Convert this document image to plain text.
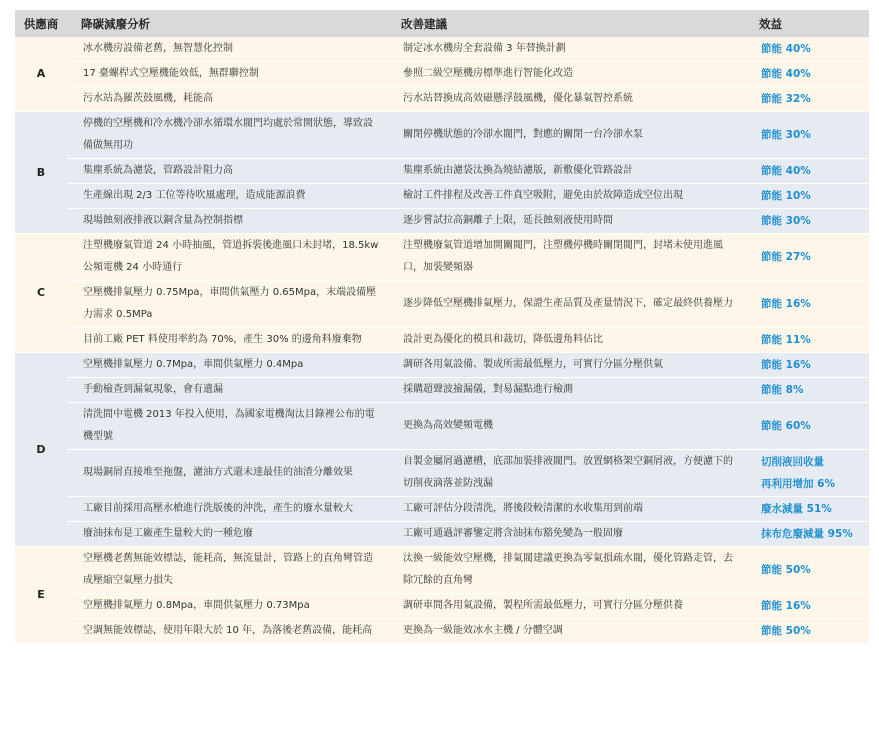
供應商	降碳減廢分析	改善建議	效益
A	冰水機房設備老舊，無智慧化控制	制定冰水機房全套設備 3 年替換計劃	節能 40%

	17 臺螺桿式空壓機能效低，無群聯控制	參照二級空壓機房標準進行智能化改造	節能 40%

	污水站為羅茨鼓風機，耗能高	污水站替換成高效磁懸浮鼓風機，優化暴氣智控系統	節能 32%

B	停機的空壓機和冷水機冷卻水循環水閥門均處於常開狀態，導致設備做無用功	關閉停機狀態的冷卻水閥門，對應的關閉一台冷卻水泵	節能 30%

	集塵系統為濾袋，管路設計阻力高	集塵系統由濾袋汰換為燒結濾版，新敷優化管路設計	節能 40%

	生產線出現 2/3 工位等待吹風處理，造成能源浪費	檢討工件排程及改善工件真空吸附，避免由於故障造成空位出現	節能 10%

	現場蝕刻液排液以銅含量為控制指標	逐步嘗試拉高銅離子上限，延長蝕刻液使用時間	節能 30%

C	注塑機廢氣管道 24 小時抽風，管道拆裝後進風口未封堵，18.5kw 公頻電機 24 小時通行	注塑機廢氣管道增加開關閥門，注塑機停機時關閉閥門，封堵未使用進風口，加裝變頻器	節能 27%

	空壓機排氣壓力 0.75Mpa，車間供氣壓力 0.65Mpa，末端設備壓力需求 0.5MPa	逐步降低空壓機排氣壓力，保證生產品質及產量情況下，確定最終供養壓力	節能 16%

	目前工廠 PET 料使用率約為 70%，產生 30% 的邊角料廢棄物	設計更為優化的模具和裁切，降低邊角料佔比	節能 11%

D	空壓機排氣壓力 0.7Mpa，車間供氣壓力 0.4Mpa	調研各用氣設備、製成所需最低壓力，可實行分區分壓供氣	節能 16%

	手動檢查到漏氣現象，會有遺漏	採購超聲波撿漏儀，對易漏點進行檢測	節能 8%

	清洗間中電機 2013 年投入使用，為國家電機淘汰目錄裡公布的電機型號	更換為高效變頻電機	節能 60%

	現場銅屑直接堆至拖盤，濾油方式還未達最佳的油渣分離效果	自製金屬屑過濾槽，底部加裝排液閥門。放置網格架空銅屑液，方便濾下的切削夜滴落並防洩漏	切削液回收量
再利用增加 6%

	工廠目前採用高壓水槍進行洗版後的沖洗，產生的廢水量較大	工廠可評估分段清洗，將後段較清潔的水收集用到前端	廢水減量 51%

	廢油抹布是工廠產生量較大的一種危廢	工廠可通過評審鑒定將含油抹布豁免變為一般固廢	抹布危廢減量 95%

E	空壓機老舊無能效標誌，能耗高，無流量計，管路上的直角彎管造成壓縮空氣壓力損失	汰換一級能效空壓機，排氣閥建議更換為零氣損疏水閥，優化管路走管，去除冗餘的直角彎	節能 50%

	空壓機排氣壓力 0.8Mpa，車間供氣壓力 0.73Mpa	調研車間各用氣設備，製程所需最低壓力，可實行分區分壓供養	節能 16%

	空調無能效標誌，使用年限大於 10 年，為落後老舊設備，能耗高	更換為一級能效冰水主機 / 分體空調	節能 50%
